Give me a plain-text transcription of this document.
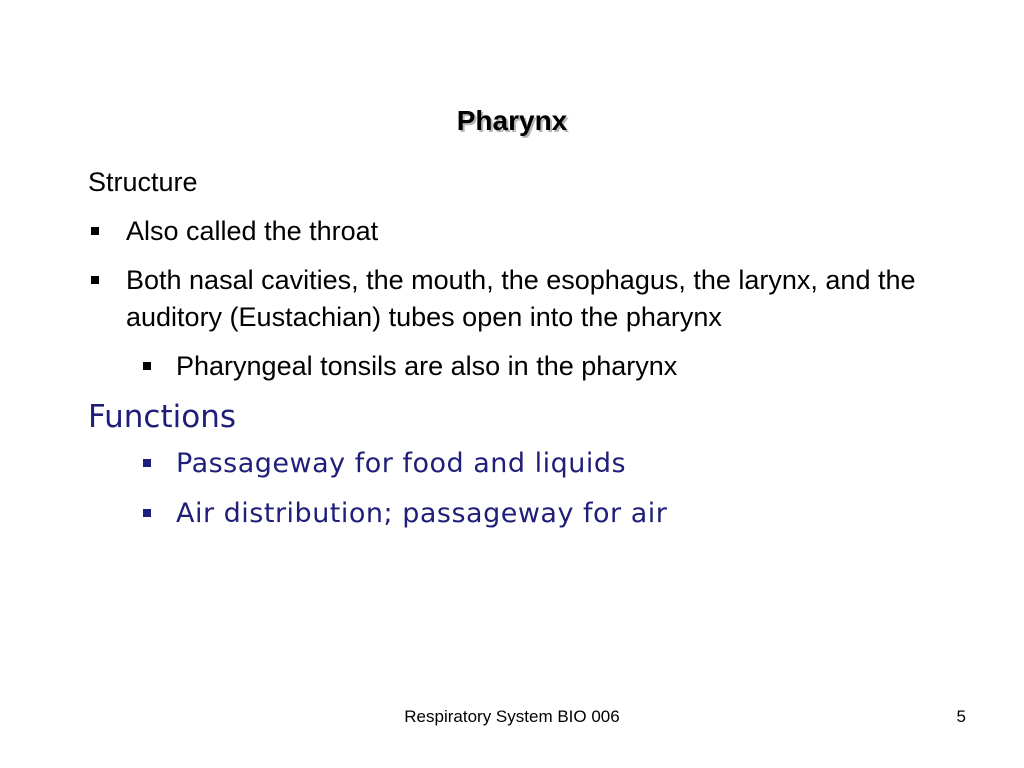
Pharynx
Structure
Also called the throat
Both nasal cavities, the mouth, the esophagus, the larynx, and the auditory (Eustachian) tubes open into the pharynx
Pharyngeal tonsils are also in the pharynx
Functions
Passageway for food and liquids
Air distribution; passageway for air
Respiratory System BIO 006	5
